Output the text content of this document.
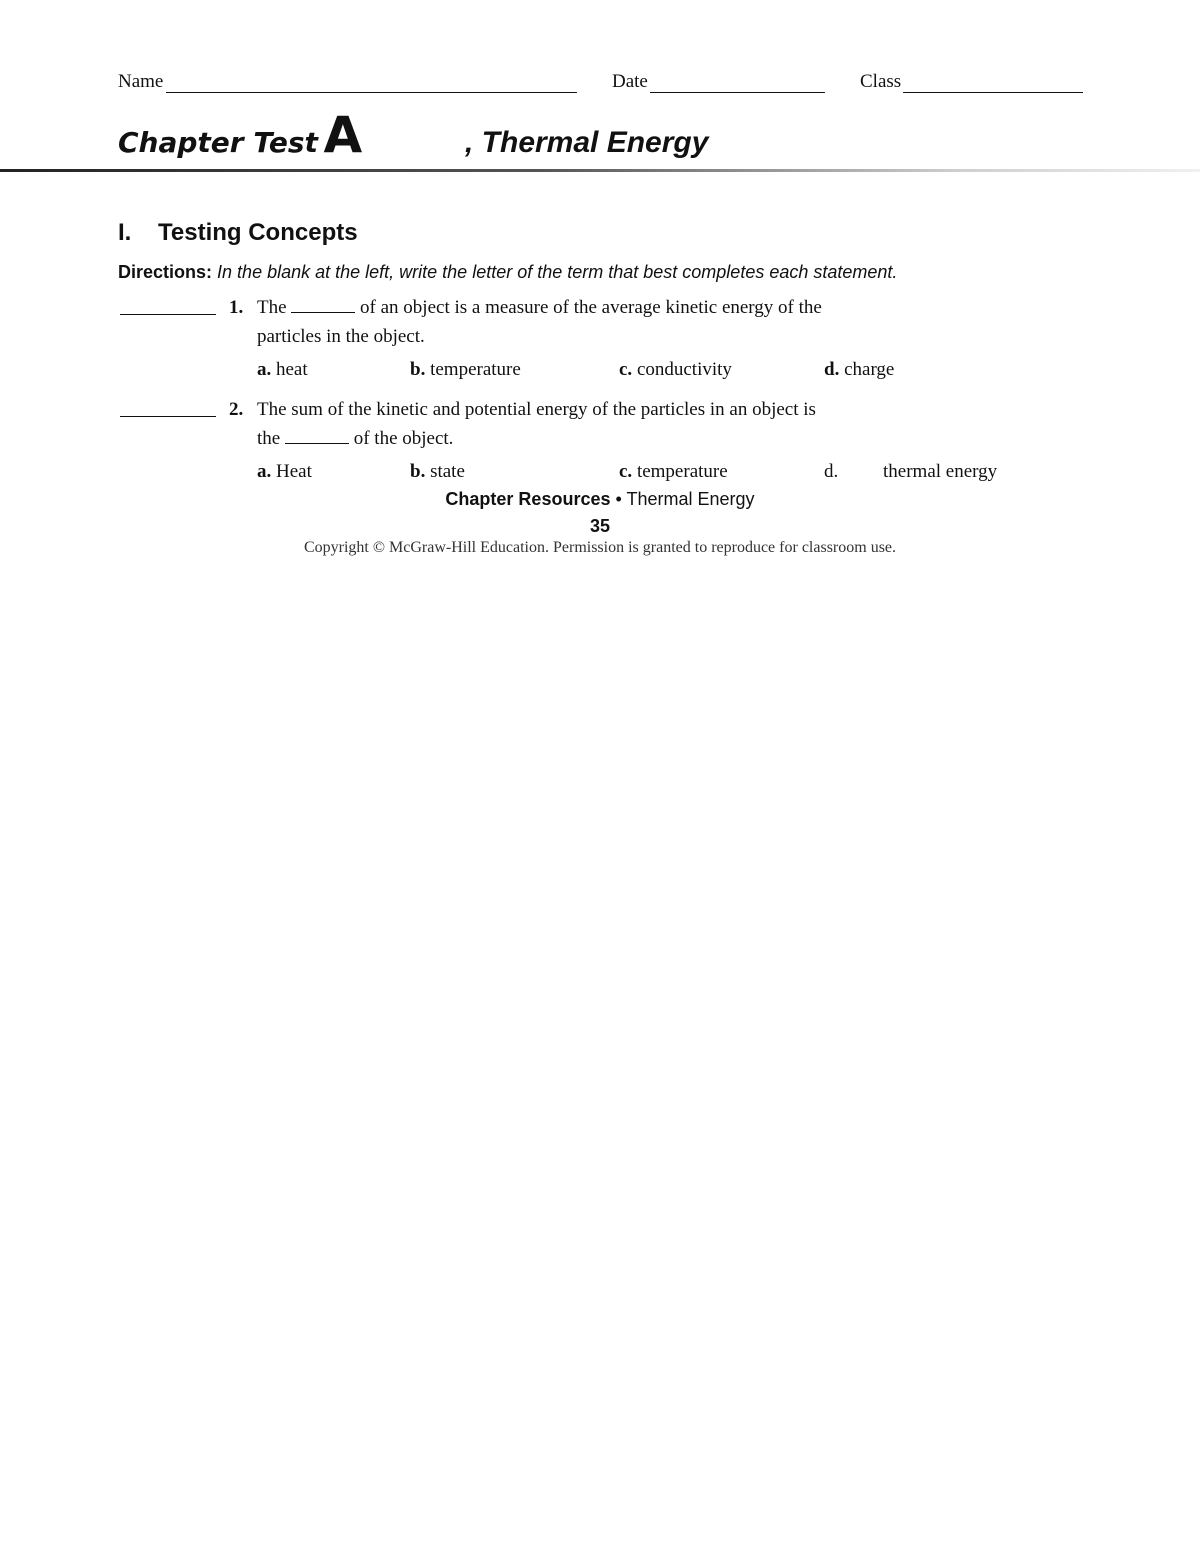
Name	Date	Class
Chapter Test A	, Thermal Energy
I. Testing Concepts
Directions: In the blank at the left, write the letter of the term that best completes each statement.
1. The	of an object is a measure of the average kinetic energy of the
particles in the object.
a. heat	b. temperature	c. conductivity	d. charge
2. The sum of the kinetic and potential energy of the particles in an object is
the	of the object.
a. Heat	b. state	c. temperature	d. thermal energy
Chapter Resources • Thermal Energy
35
Copyright © McGraw-Hill Education. Permission is granted to reproduce for classroom use.
